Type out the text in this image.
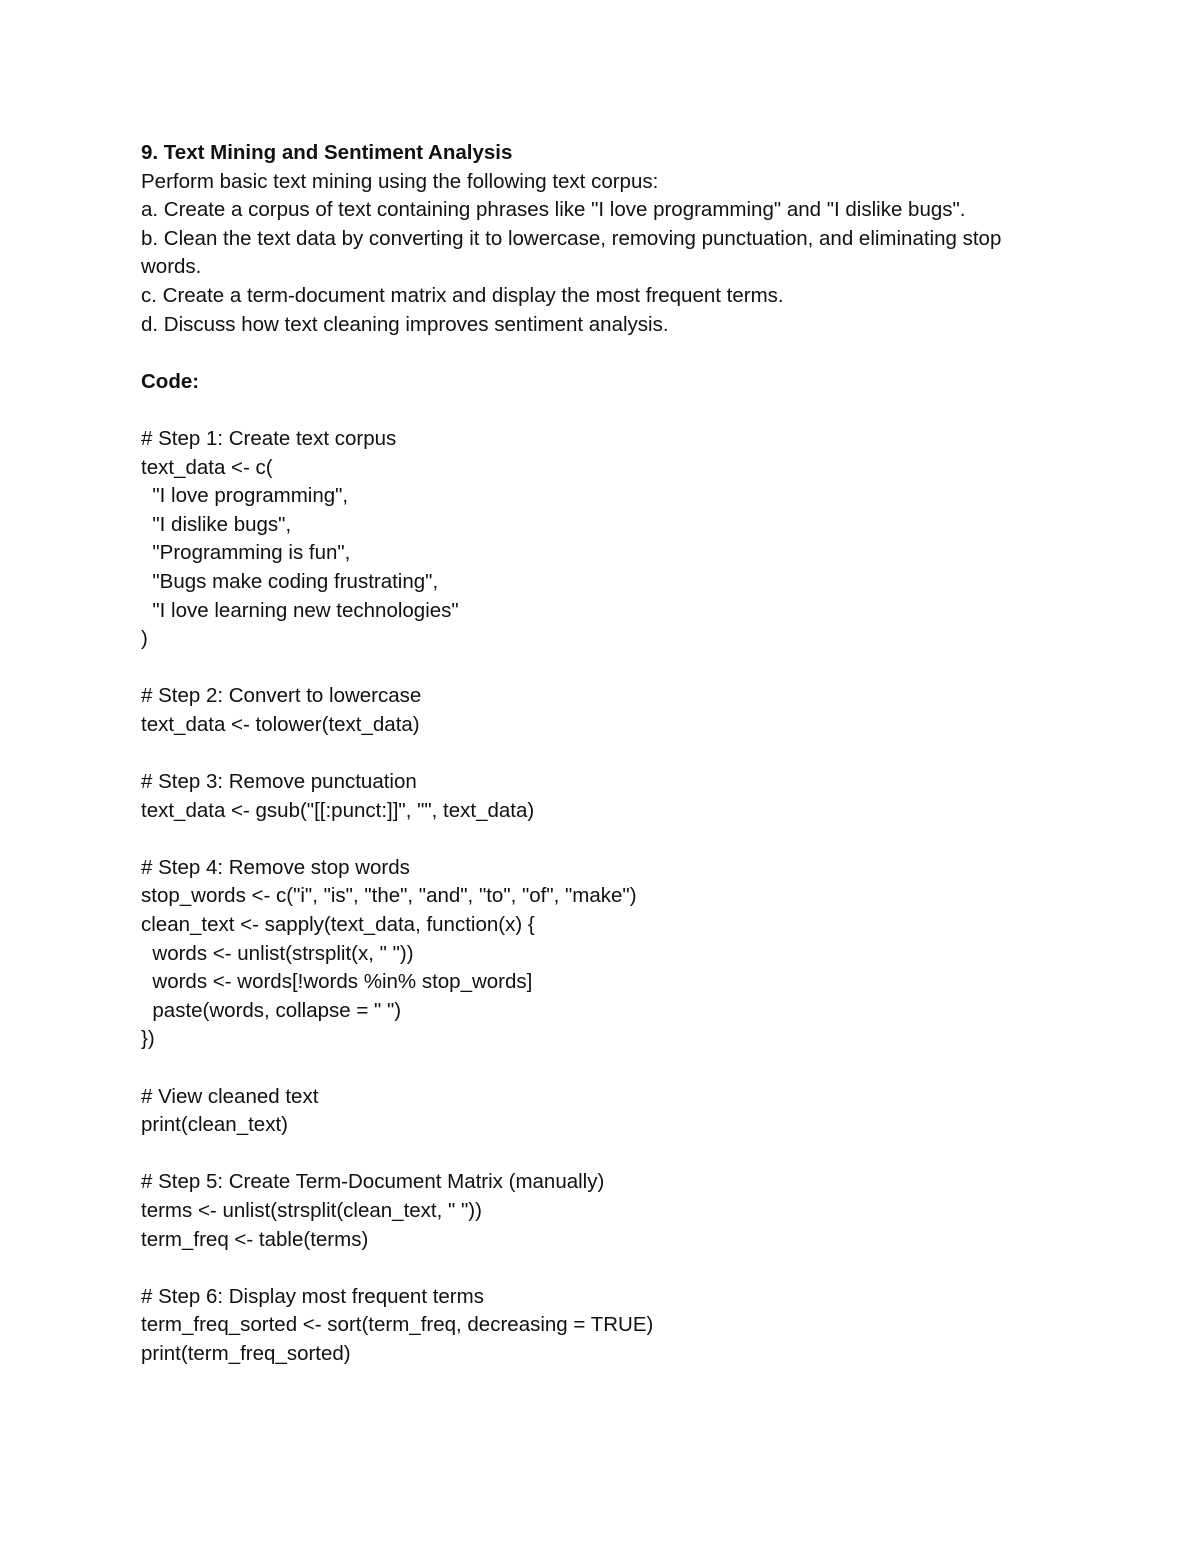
9. Text Mining and Sentiment Analysis
Perform basic text mining using the following text corpus:
a. Create a corpus of text containing phrases like "I love programming" and "I dislike bugs".
b. Clean the text data by converting it to lowercase, removing punctuation, and eliminating stop words.
c. Create a term-document matrix and display the most frequent terms.
d. Discuss how text cleaning improves sentiment analysis.
Code:
# Step 1: Create text corpus
text_data <- c(
"I love programming",
"I dislike bugs",
"Programming is fun",
"Bugs make coding frustrating",
"I love learning new technologies"
)
# Step 2: Convert to lowercase
text_data <- tolower(text_data)
# Step 3: Remove punctuation
text_data <- gsub("[[:punct:]]", "", text_data)
# Step 4: Remove stop words
stop_words <- c("i", "is", "the", "and", "to", "of", "make")
clean_text <- sapply(text_data, function(x) {
words <- unlist(strsplit(x, " "))
words <- words[!words %in% stop_words]
paste(words, collapse = " ")
})
# View cleaned text
print(clean_text)
# Step 5: Create Term-Document Matrix (manually)
terms <- unlist(strsplit(clean_text, " "))
term_freq <- table(terms)
# Step 6: Display most frequent terms
term_freq_sorted <- sort(term_freq, decreasing = TRUE)
print(term_freq_sorted)
